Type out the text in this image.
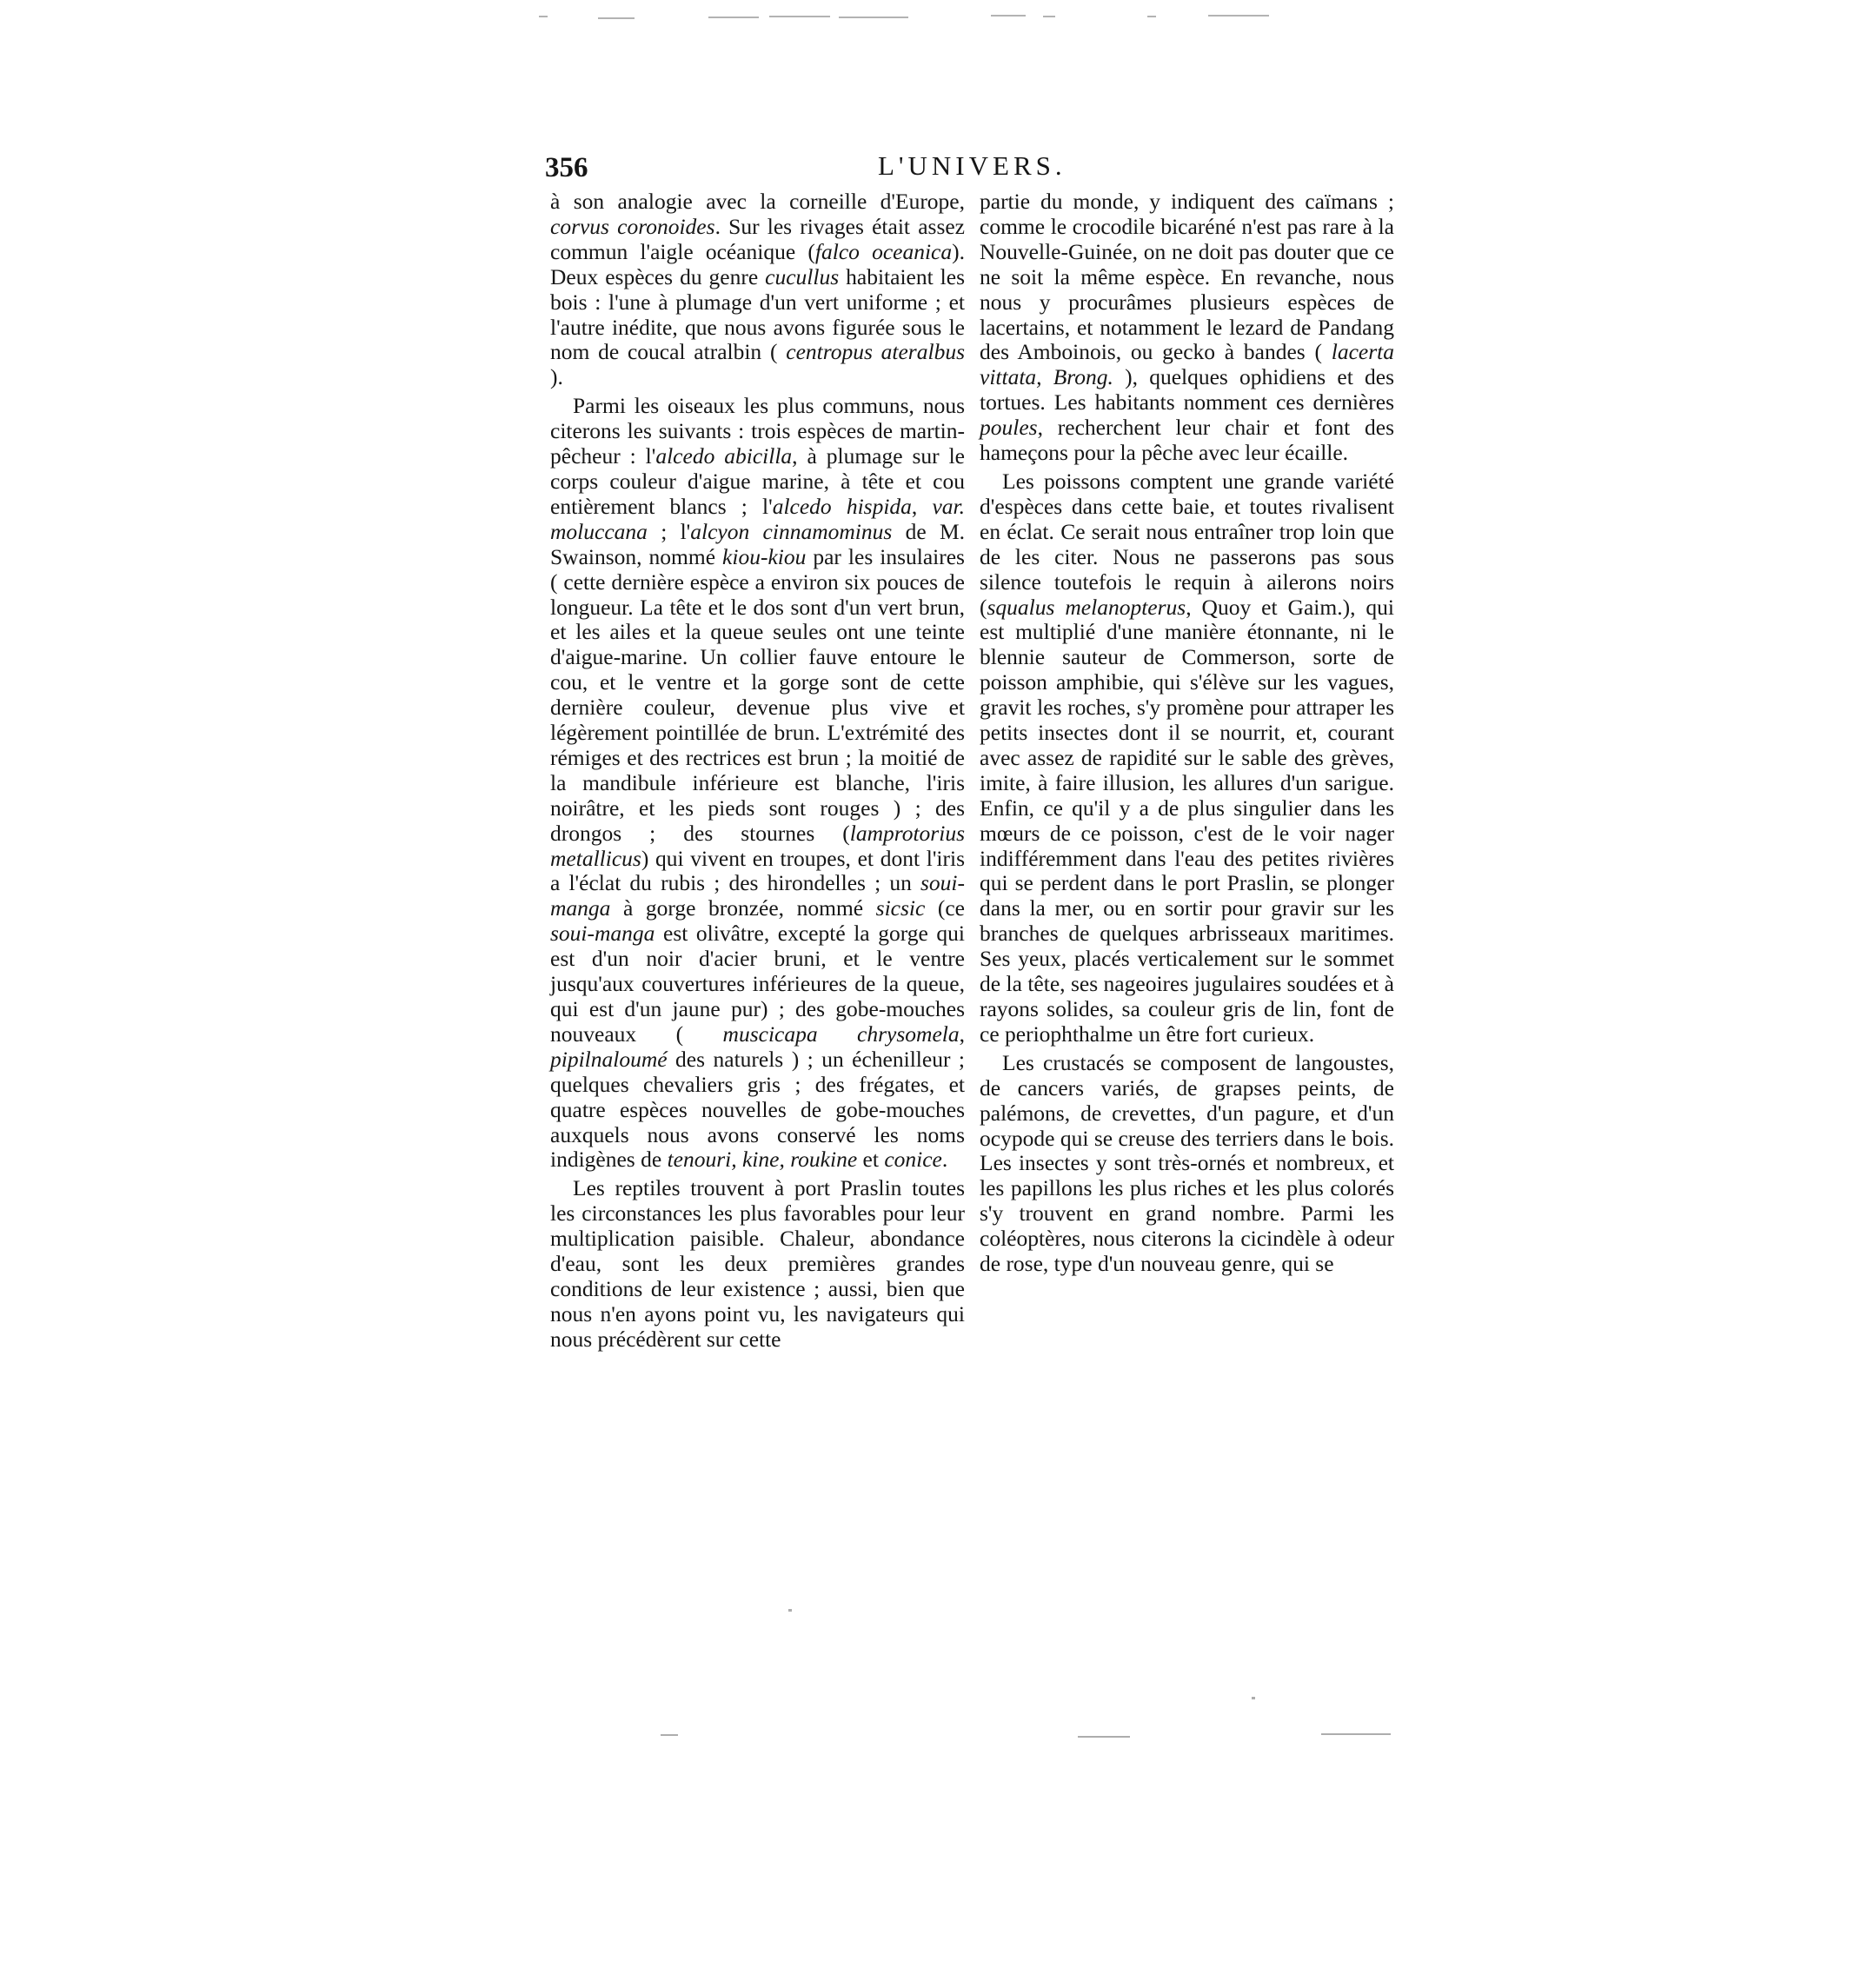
356	L'UNIVERS.

à son analogie avec la corneille d'Europe, corvus coronoides. Sur les rivages était assez commun l'aigle océanique (falco oceanica). Deux espèces du genre cucullus habitaient les bois : l'une à plumage d'un vert uniforme ; et l'autre inédite, que nous avons figurée sous le nom de coucal atralbin ( centropus ateralbus ).

Parmi les oiseaux les plus communs, nous citerons les suivants : trois espèces de martin-pêcheur : l'alcedo abicilla, à plumage sur le corps couleur d'aigue marine, à tête et cou entièrement blancs ; l'alcedo hispida, var. moluccana ; l'alcyon cinnamominus de M. Swainson, nommé kiou-kiou par les insulaires ( cette dernière espèce a environ six pouces de longueur. La tête et le dos sont d'un vert brun, et les ailes et la queue seules ont une teinte d'aigue-marine. Un collier fauve entoure le cou, et le ventre et la gorge sont de cette dernière couleur, devenue plus vive et légèrement pointillée de brun. L'extrémité des rémiges et des rectrices est brun ; la moitié de la mandibule inférieure est blanche, l'iris noirâtre, et les pieds sont rouges ) ; des drongos ; des stournes (lamprotorius metallicus) qui vivent en troupes, et dont l'iris a l'éclat du rubis ; des hirondelles ; un soui-manga à gorge bronzée, nommé sicsic (ce soui-manga est olivâtre, excepté la gorge qui est d'un noir d'acier bruni, et le ventre jusqu'aux couvertures inférieures de la queue, qui est d'un jaune pur) ; des gobe-mouches nouveaux ( muscicapa chrysomela, pipilnaloumé des naturels ) ; un échenilleur ; quelques chevaliers gris ; des frégates, et quatre espèces nouvelles de gobe-mouches auxquels nous avons conservé les noms indigènes de tenouri, kine, roukine et conice.

Les reptiles trouvent à port Praslin toutes les circonstances les plus favorables pour leur multiplication paisible. Chaleur, abondance d'eau, sont les deux premières grandes conditions de leur existence ; aussi, bien que nous n'en ayons point vu, les navigateurs qui nous précédèrent sur cette

partie du monde, y indiquent des caïmans ; comme le crocodile bicaréné n'est pas rare à la Nouvelle-Guinée, on ne doit pas douter que ce ne soit la même espèce. En revanche, nous nous y procurâmes plusieurs espèces de lacertains, et notamment le lezard de Pandang des Amboinois, ou gecko à bandes ( lacerta vittata, Brong. ), quelques ophidiens et des tortues. Les habitants nomment ces dernières poules, recherchent leur chair et font des hameçons pour la pêche avec leur écaille.

Les poissons comptent une grande variété d'espèces dans cette baie, et toutes rivalisent en éclat. Ce serait nous entraîner trop loin que de les citer. Nous ne passerons pas sous silence toutefois le requin à ailerons noirs (squalus melanopterus, Quoy et Gaim.), qui est multiplié d'une manière étonnante, ni le blennie sauteur de Commerson, sorte de poisson amphibie, qui s'élève sur les vagues, gravit les roches, s'y promène pour attraper les petits insectes dont il se nourrit, et, courant avec assez de rapidité sur le sable des grèves, imite, à faire illusion, les allures d'un sarigue. Enfin, ce qu'il y a de plus singulier dans les mœurs de ce poisson, c'est de le voir nager indifféremment dans l'eau des petites rivières qui se perdent dans le port Praslin, se plonger dans la mer, ou en sortir pour gravir sur les branches de quelques arbrisseaux maritimes. Ses yeux, placés verticalement sur le sommet de la tête, ses nageoires jugulaires soudées et à rayons solides, sa couleur gris de lin, font de ce periophthalme un être fort curieux.

Les crustacés se composent de langoustes, de cancers variés, de grapses peints, de palémons, de crevettes, d'un pagure, et d'un ocypode qui se creuse des terriers dans le bois. Les insectes y sont très-ornés et nombreux, et les papillons les plus riches et les plus colorés s'y trouvent en grand nombre. Parmi les coléoptères, nous citerons la cicindèle à odeur de rose, type d'un nouveau genre, qui se
